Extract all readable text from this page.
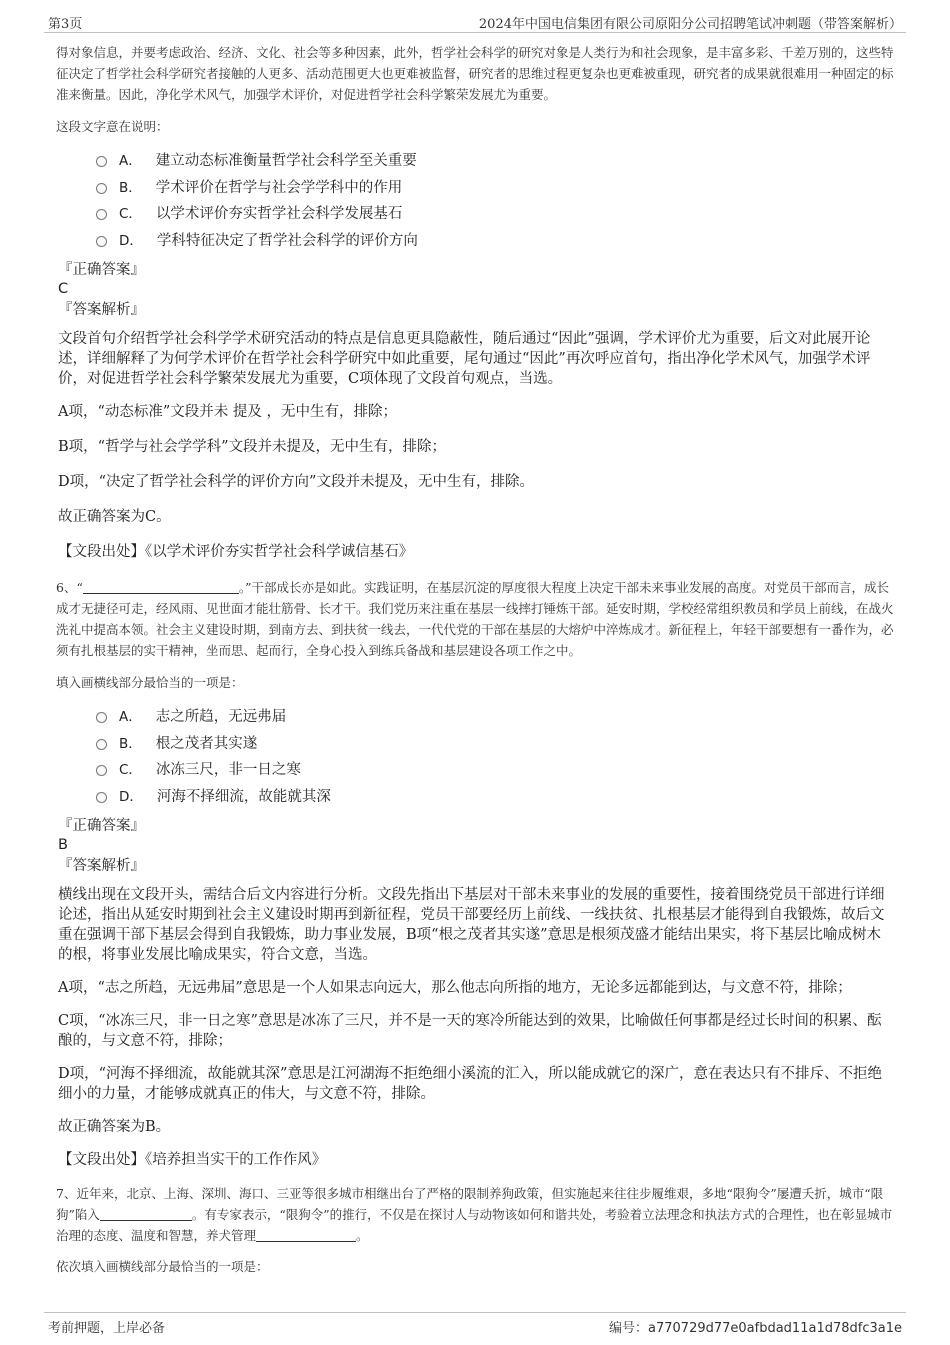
第3页	2024年中国电信集团有限公司原阳分公司招聘笔试冲刺题（带答案解析）

得对象信息，并要考虑政治、经济、文化、社会等多种因素，此外，哲学社会科学的研究对象是人类行为和社会现象，是丰富多彩、千差万别的，这些特征决定了哲学社会科学研究者接触的人更多、活动范围更大也更难被监督，研究者的思维过程更复杂也更难被重现，研究者的成果就很难用一种固定的标准来衡量。因此，净化学术风气，加强学术评价，对促进哲学社会科学繁荣发展尤为重要。

这段文字意在说明：

A． 建立动态标准衡量哲学社会科学至关重要
B． 学术评价在哲学与社会学学科中的作用
C． 以学术评价夯实哲学社会科学发展基石
D． 学科特征决定了哲学社会科学的评价方向

『正确答案』

C

『答案解析』

文段首句介绍哲学社会科学学术研究活动的特点是信息更具隐蔽性，随后通过“因此”强调，学术评价尤为重要，后文对此展开论述，详细解释了为何学术评价在哲学社会科学研究中如此重要，尾句通过“因此”再次呼应首句，指出净化学术风气，加强学术评价，对促进哲学社会科学繁荣发展尤为重要，C项体现了文段首句观点，当选。

A项，“动态标准”文段并未 提及 ，无中生有，排除；

B项，“哲学与社会学学科”文段并未提及，无中生有，排除；

D项，“决定了哲学社会科学的评价方向”文段并未提及，无中生有，排除。

故正确答案为C。

【文段出处】《以学术评价夯实哲学社会科学诚信基石》

6、“	。”干部成长亦是如此。实践证明，在基层沉淀的厚度很大程度上决定干部未来事业发展的高度。对党员干部而言，成长成才无捷径可走，经风雨、见世面才能壮筋骨、长才干。我们党历来注重在基层一线摔打锤炼干部。延安时期，学校经常组织教员和学员上前线，在战火洗礼中提高本领。社会主义建设时期，到南方去、到扶贫一线去，一代代党的干部在基层的大熔炉中淬炼成才。新征程上，年轻干部要想有一番作为，必须有扎根基层的实干精神，坐而思、起而行，全身心投入到练兵备战和基层建设各项工作之中。

填入画横线部分最恰当的一项是：

A． 志之所趋，无远弗届
B． 根之茂者其实遂
C． 冰冻三尺，非一日之寒
D． 河海不择细流，故能就其深

『正确答案』

B

『答案解析』

横线出现在文段开头，需结合后文内容进行分析。文段先指出下基层对干部未来事业的发展的重要性，接着围绕党员干部进行详细论述，指出从延安时期到社会主义建设时期再到新征程，党员干部要经历上前线、一线扶贫、扎根基层才能得到自我锻炼，故后文重在强调干部下基层会得到自我锻炼，助力事业发展，B项“根之茂者其实遂”意思是根须茂盛才能结出果实，将下基层比喻成树木的根，将事业发展比喻成果实，符合文意，当选。

A项，“志之所趋，无远弗届”意思是一个人如果志向远大，那么他志向所指的地方，无论多远都能到达，与文意不符，排除；

C项，“冰冻三尺，非一日之寒”意思是冰冻了三尺，并不是一天的寒冷所能达到的效果，比喻做任何事都是经过长时间的积累、酝酿的，与文意不符，排除；

D项，“河海不择细流，故能就其深”意思是江河湖海不拒绝细小溪流的汇入，所以能成就它的深广，意在表达只有不排斥、不拒绝细小的力量，才能够成就真正的伟大，与文意不符，排除。

故正确答案为B。

【文段出处】《培养担当实干的工作作风》

7、近年来，北京、上海、深圳、海口、三亚等很多城市相继出台了严格的限制养狗政策，但实施起来往往步履维艰，多地“限狗令”屡遭夭折，城市“限狗”陷入	。有专家表示，“限狗令”的推行，不仅是在探讨人与动物该如何和谐共处，考验着立法理念和执法方式的合理性，也在彰显城市治理的态度、温度和智慧，养犬管理	。

依次填入画横线部分最恰当的一项是：

考前押题，上岸必备	编号：a770729d77e0afbdad11a1d78dfc3a1e
